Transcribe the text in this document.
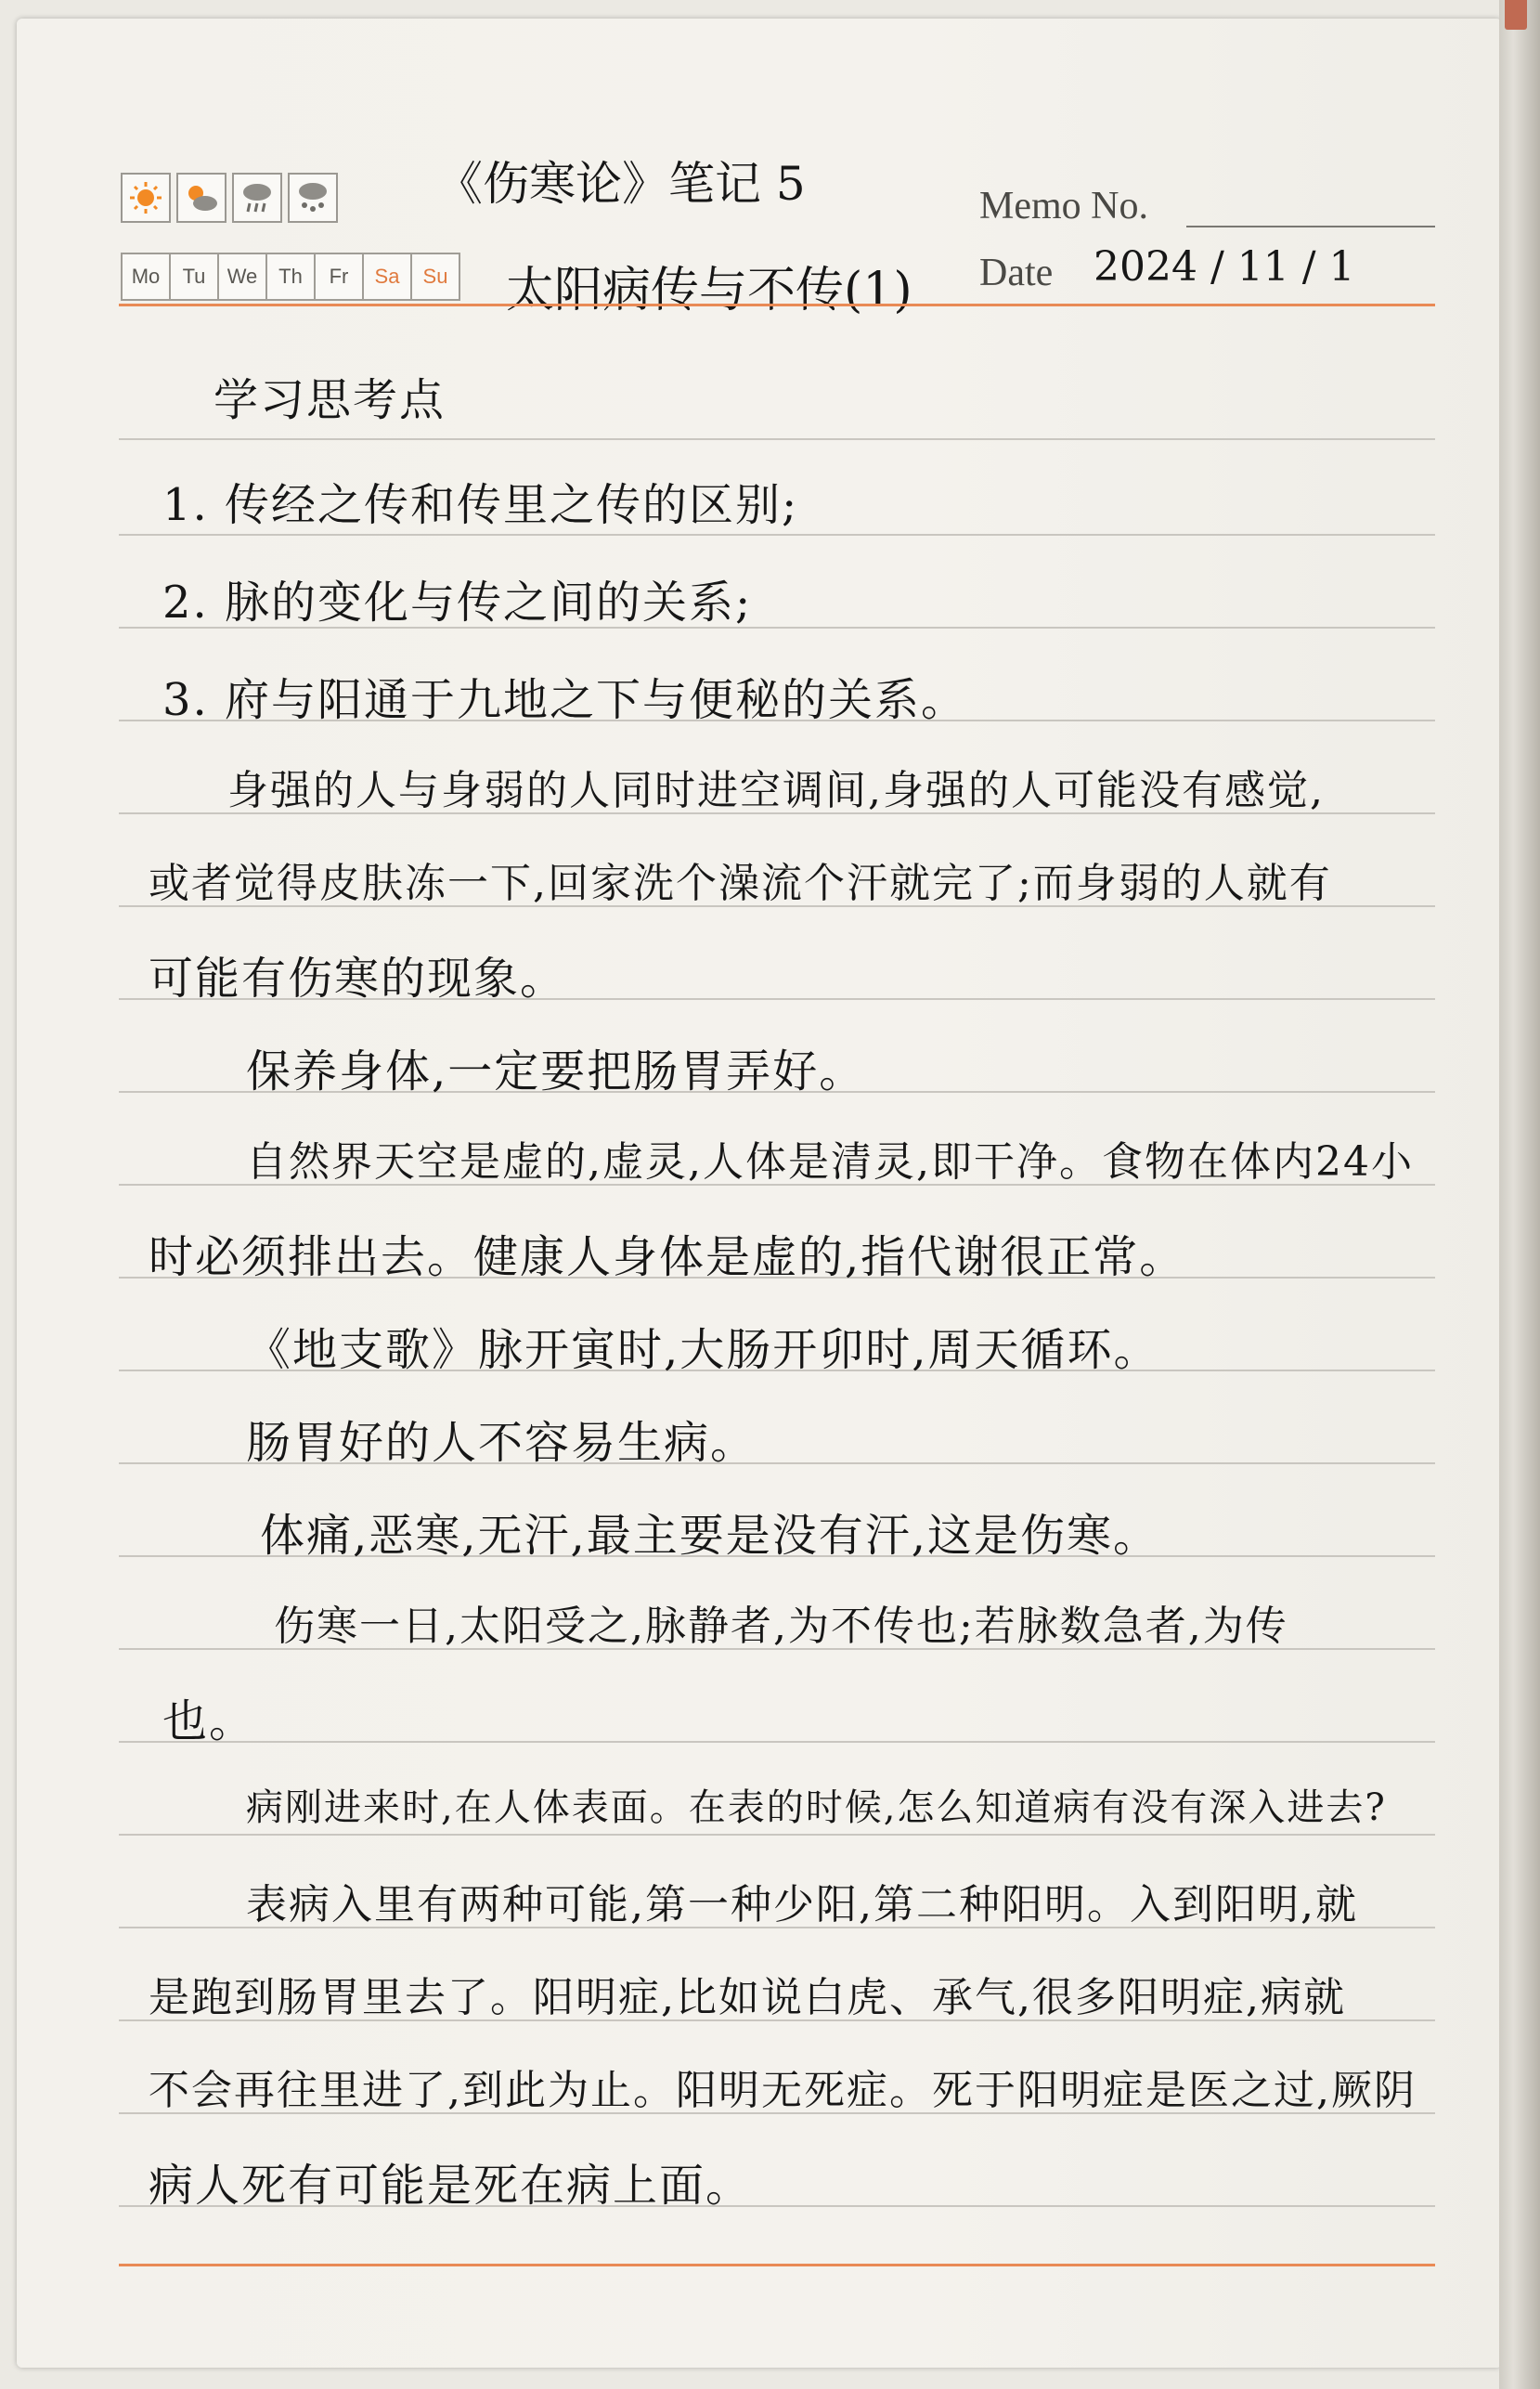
Mo	Tu	We	Th	Fr	Sa	Su
《伤寒论》笔记 5
太阳病传与不传(1)
Memo No.
Date 2024 / 11 / 1
学习思考点
1. 传经之传和传里之传的区别;
2. 脉的变化与传之间的关系;
3. 府与阳通于九地之下与便秘的关系。
身强的人与身弱的人同时进空调间,身强的人可能没有感觉,
或者觉得皮肤冻一下,回家洗个澡流个汗就完了;而身弱的人就有
可能有伤寒的现象。
保养身体,一定要把肠胃弄好。
自然界天空是虚的,虚灵,人体是清灵,即干净。食物在体内24小
时必须排出去。健康人身体是虚的,指代谢很正常。
《地支歌》脉开寅时,大肠开卯时,周天循环。
肠胃好的人不容易生病。
体痛,恶寒,无汗,最主要是没有汗,这是伤寒。
伤寒一日,太阳受之,脉静者,为不传也;若脉数急者,为传
也。
病刚进来时,在人体表面。在表的时候,怎么知道病有没有深入进去?
表病入里有两种可能,第一种少阳,第二种阳明。入到阳明,就
是跑到肠胃里去了。阳明症,比如说白虎、承气,很多阳明症,病就
不会再往里进了,到此为止。阳明无死症。死于阳明症是医之过,厥阴
病人死有可能是死在病上面。
